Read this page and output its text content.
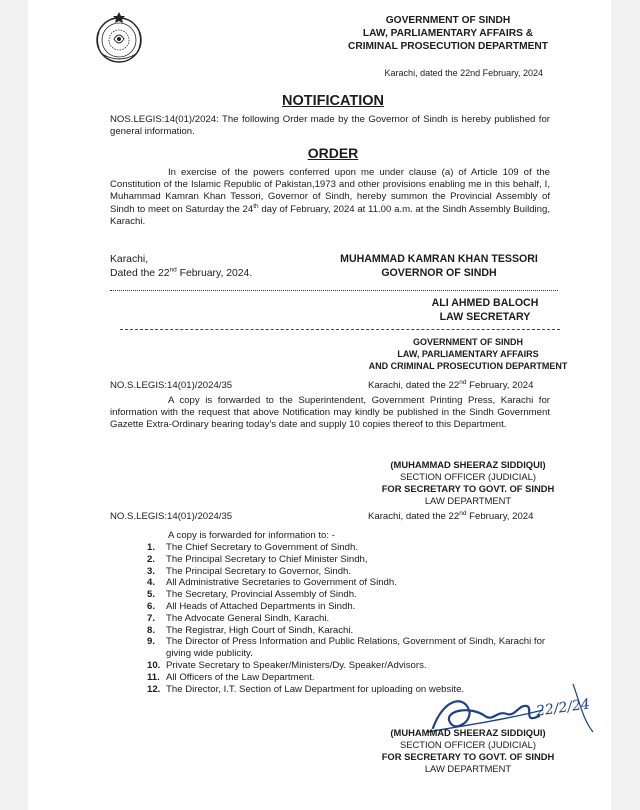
GOVERNMENT OF SINDH
LAW, PARLIAMENTARY AFFAIRS &
CRIMINAL PROSECUTION DEPARTMENT
Karachi, dated the 22nd February, 2024
NOTIFICATION
NOS.LEGIS:14(01)/2024: The following Order made by the Governor of Sindh is hereby published for general information.
ORDER
In exercise of the powers conferred upon me under clause (a) of Article 109 of the Constitution of the Islamic Republic of Pakistan,1973 and other provisions enabling me in this behalf, I, Muhammad Kamran Khan Tessori, Governor of Sindh, hereby summon the Provincial Assembly of Sindh to meet on Saturday the 24th day of February, 2024 at 11.00 a.m. at the Sindh Assembly Building, Karachi.
Karachi,
Dated the 22nd February, 2024.
MUHAMMAD KAMRAN KHAN TESSORI
GOVERNOR OF SINDH
ALI AHMED BALOCH
LAW SECRETARY
GOVERNMENT OF SINDH
LAW, PARLIAMENTARY AFFAIRS
AND CRIMINAL PROSECUTION DEPARTMENT
NO.S.LEGIS:14(01)/2024/35	Karachi, dated the 22nd February, 2024
A copy is forwarded to the Superintendent, Government Printing Press, Karachi for information with the request that above Notification may kindly be published in the Sindh Government Gazette Extra-Ordinary bearing today's date and supply 10 copies thereof to this Department.
(MUHAMMAD SHEERAZ SIDDIQUI)
SECTION OFFICER (JUDICIAL)
FOR SECRETARY TO GOVT. OF SINDH
LAW DEPARTMENT
NO.S.LEGIS:14(01)/2024/35	Karachi, dated the 22nd February, 2024
A copy is forwarded for information to: -
1.	The Chief Secretary to Government of Sindh.
2.	The Principal Secretary to Chief Minister Sindh,
3.	The Principal Secretary to Governor, Sindh.
4.	All Administrative Secretaries to Government of Sindh.
5.	The Secretary, Provincial Assembly of Sindh.
6.	All Heads of Attached Departments in Sindh.
7.	The Advocate General Sindh, Karachi.
8.	The Registrar, High Court of Sindh, Karachi.
9.	The Director of Press Information and Public Relations, Government of Sindh, Karachi for giving wide publicity.
10. Private Secretary to Speaker/Ministers/Dy. Speaker/Advisors.
11. All Officers of the Law Department.
12. The Director, I.T. Section of Law Department for uploading on website.
22/2/24
(MUHAMMAD SHEERAZ SIDDIQUI)
SECTION OFFICER (JUDICIAL)
FOR SECRETARY TO GOVT. OF SINDH
LAW DEPARTMENT
